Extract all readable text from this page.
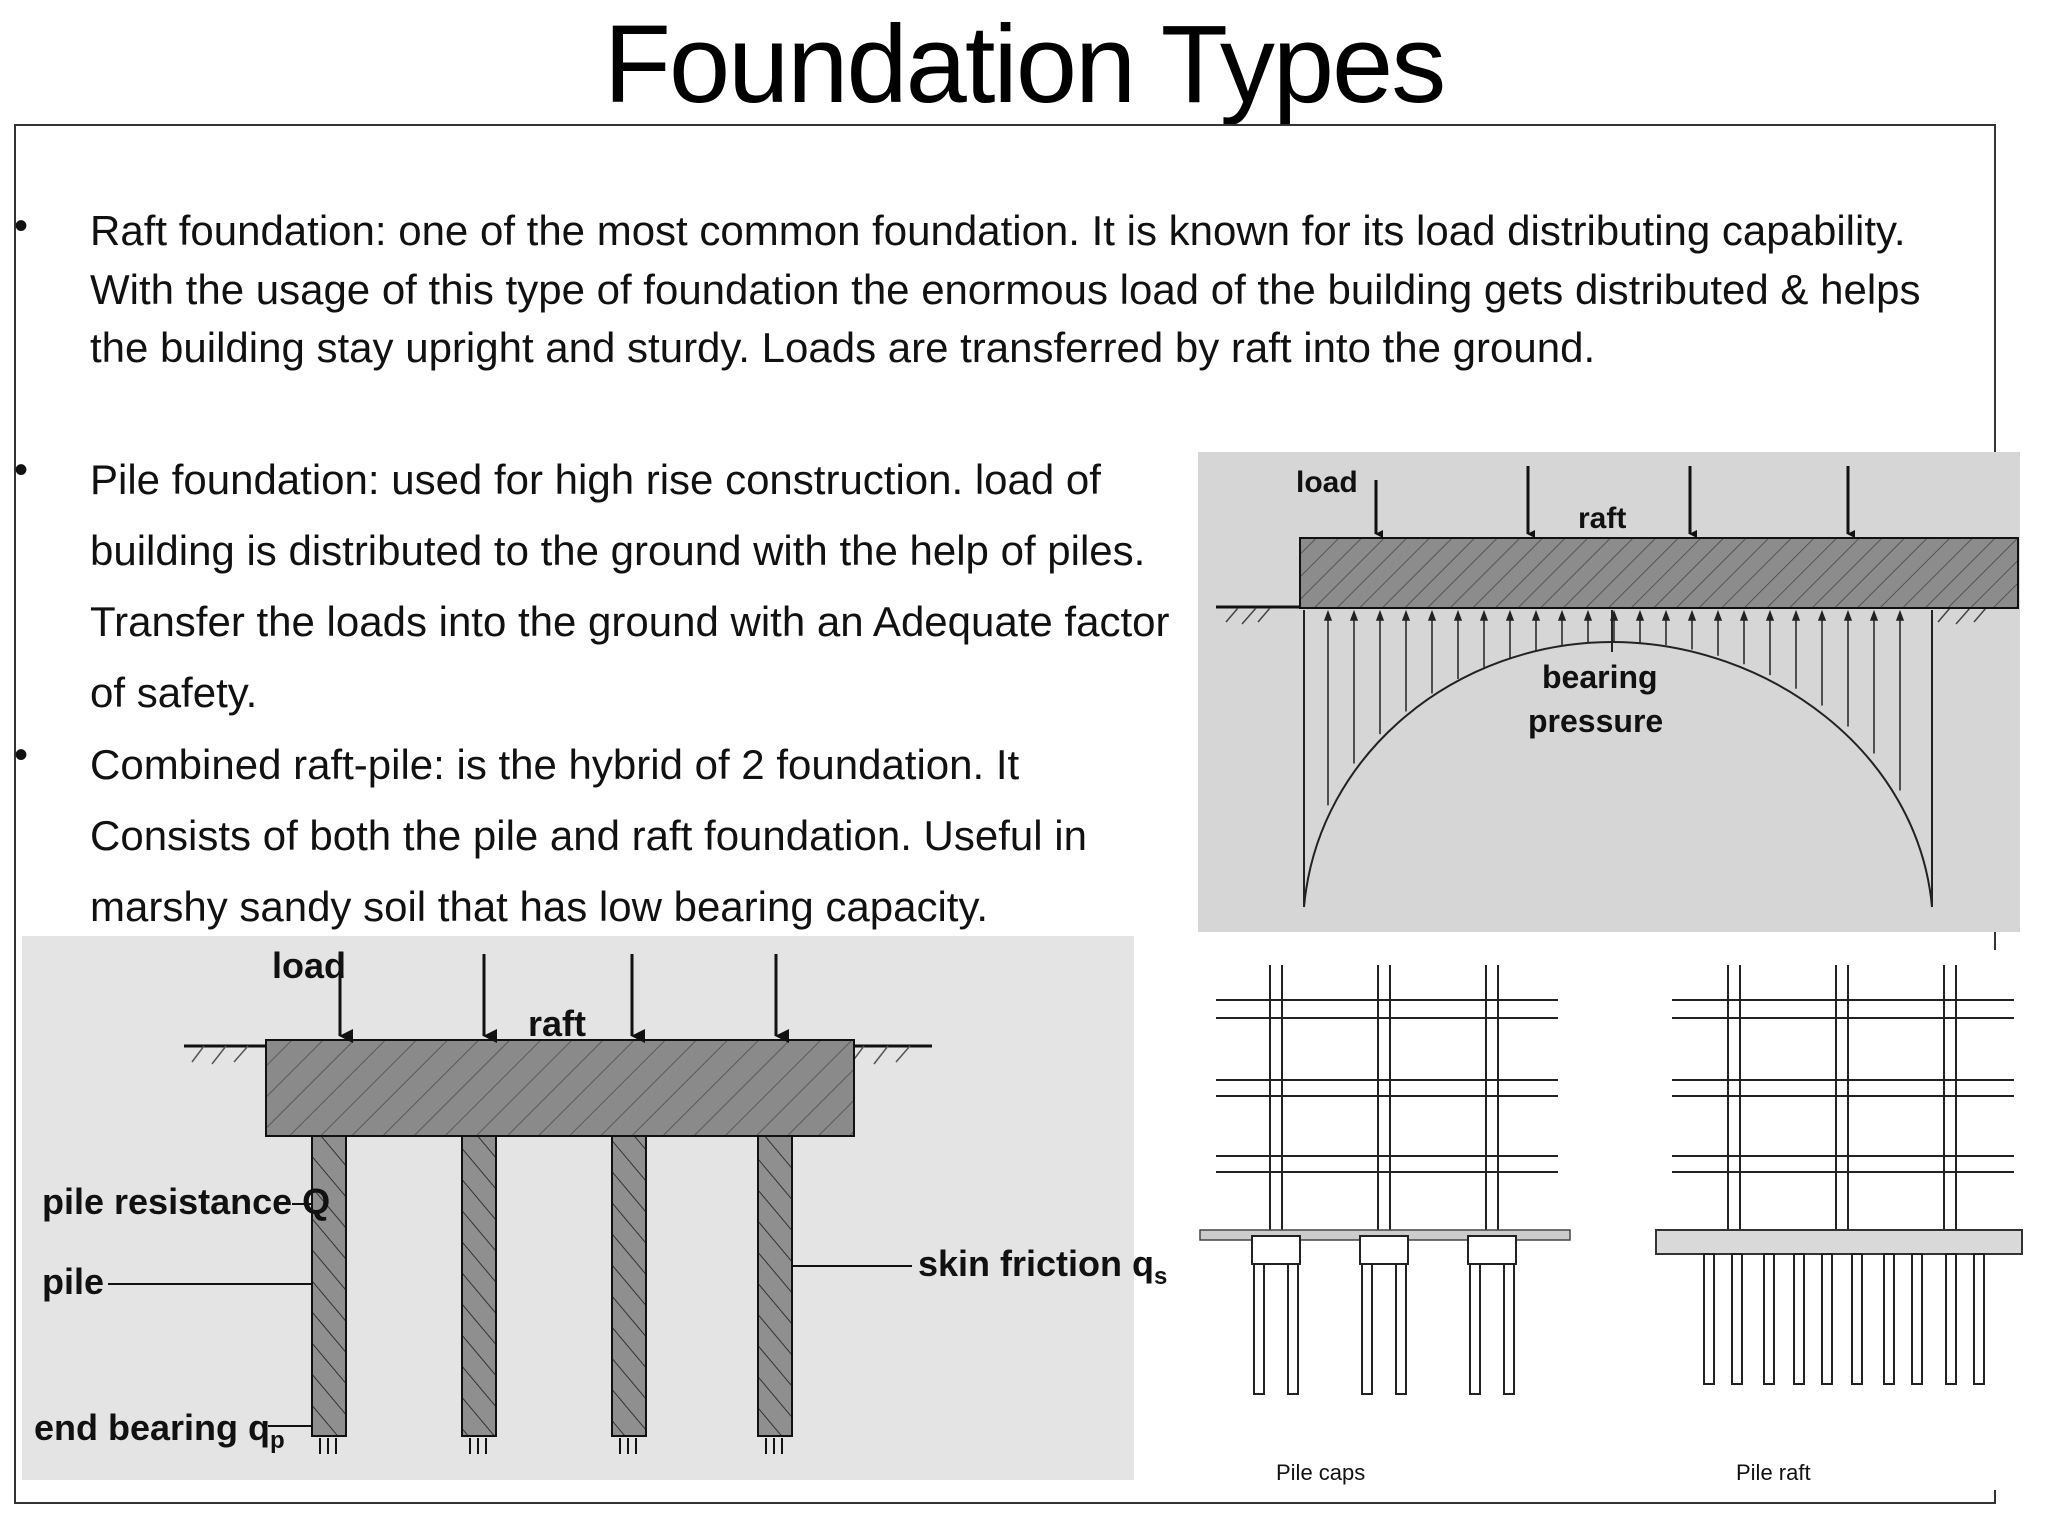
Foundation Types
•	Raft foundation: one of the most common foundation. It is known for its load distributing capability. With the usage of this type of foundation the enormous load of the building gets distributed & helps the building stay upright and sturdy. Loads are transferred by raft into the ground.
•	Pile foundation: used for high rise construction. load of building is distributed to the ground with the help of piles. Transfer the loads into the ground with an Adequate factor of safety.
•	Combined raft-pile: is the hybrid of 2 foundation. It Consists of both the pile and raft foundation. Useful in marshy sandy soil that has low bearing capacity.
load
raft
bearing
pressure
load
raft
pile resistance Q
pile	skin friction $q_s$
end bearing $q_p$
Pile caps	Pile raft
